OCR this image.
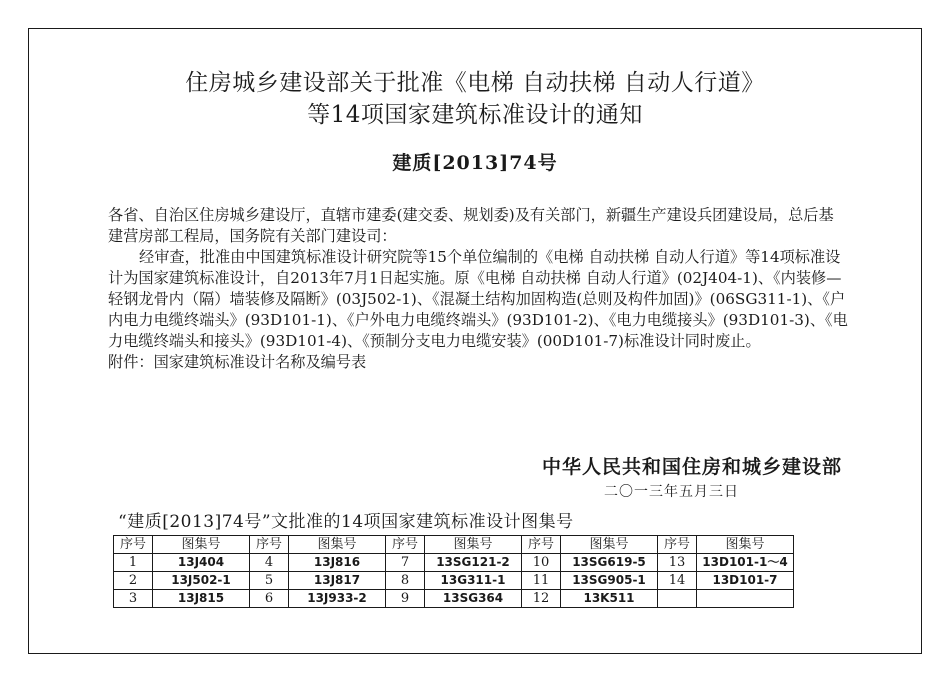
住房城乡建设部关于批准《电梯 自动扶梯 自动人行道》
等14项国家建筑标准设计的通知
建质[2013]74号

各省、自治区住房城乡建设厅，直辖市建委(建交委、规划委)及有关部门，新疆生产建设兵团建设局，总后基建营房部工程局，国务院有关部门建设司：

经审查，批准由中国建筑标准设计研究院等15个单位编制的《电梯 自动扶梯 自动人行道》等14项标准设计为国家建筑标准设计，自2013年7月1日起实施。原《电梯 自动扶梯 自动人行道》(02J404-1)、《内装修—轻钢龙骨内（隔）墙装修及隔断》(03J502-1)、《混凝土结构加固构造(总则及构件加固)》(06SG311-1)、《户内电力电缆终端头》(93D101-1)、《户外电力电缆终端头》(93D101-2)、《电力电缆接头》(93D101-3)、《电力电缆终端头和接头》(93D101-4)、《预制分支电力电缆安装》(00D101-7)标准设计同时废止。

附件：国家建筑标准设计名称及编号表

中华人民共和国住房和城乡建设部
二〇一三年五月三日
“建质[2013]74号”文批准的14项国家建筑标准设计图集号
序号	图集号	序号	图集号	序号	图集号	序号	图集号	序号	图集号
1	13J404	4	13J816	7	13SG121-2	10	13SG619-5	13	13D101-1～4
2	13J502-1	5	13J817	8	13G311-1	11	13SG905-1	14	13D101-7
3	13J815	6	13J933-2	9	13SG364	12	13K511		
